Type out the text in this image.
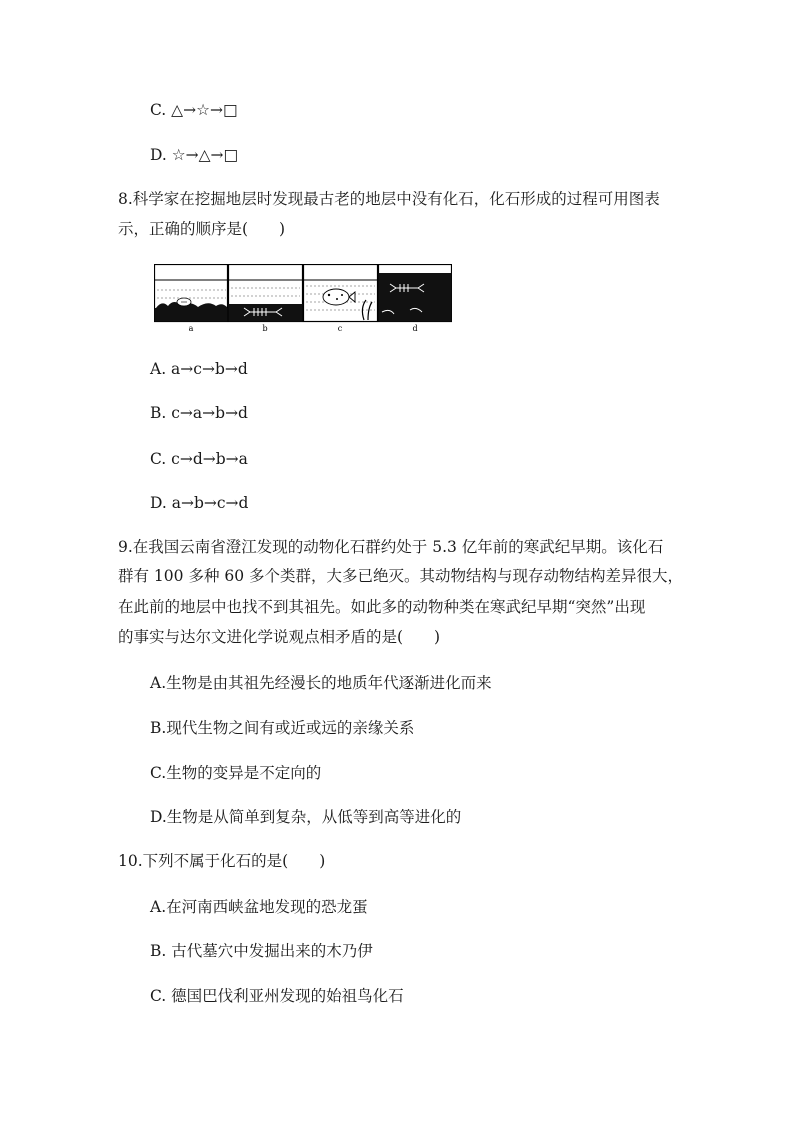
C. △→☆→□
D. ☆→△→□
8.科学家在挖掘地层时发现最古老的地层中没有化石，化石形成的过程可用图表
示，正确的顺序是(　　)
a	b	c	d
A. a→c→b→d
B. c→a→b→d
C. c→d→b→a
D. a→b→c→d
9.在我国云南省澄江发现的动物化石群约处于 5.3 亿年前的寒武纪早期。该化石
群有 100 多种 60 多个类群，大多已绝灭。其动物结构与现存动物结构差异很大，
在此前的地层中也找不到其祖先。如此多的动物种类在寒武纪早期“突然”出现
的事实与达尔文进化学说观点相矛盾的是(　　)
A.生物是由其祖先经漫长的地质年代逐渐进化而来
B.现代生物之间有或近或远的亲缘关系
C.生物的变异是不定向的
D.生物是从简单到复杂，从低等到高等进化的
10.下列不属于化石的是(　　)
A.在河南西峡盆地发现的恐龙蛋
B. 古代墓穴中发掘出来的木乃伊
C. 德国巴伐利亚州发现的始祖鸟化石
